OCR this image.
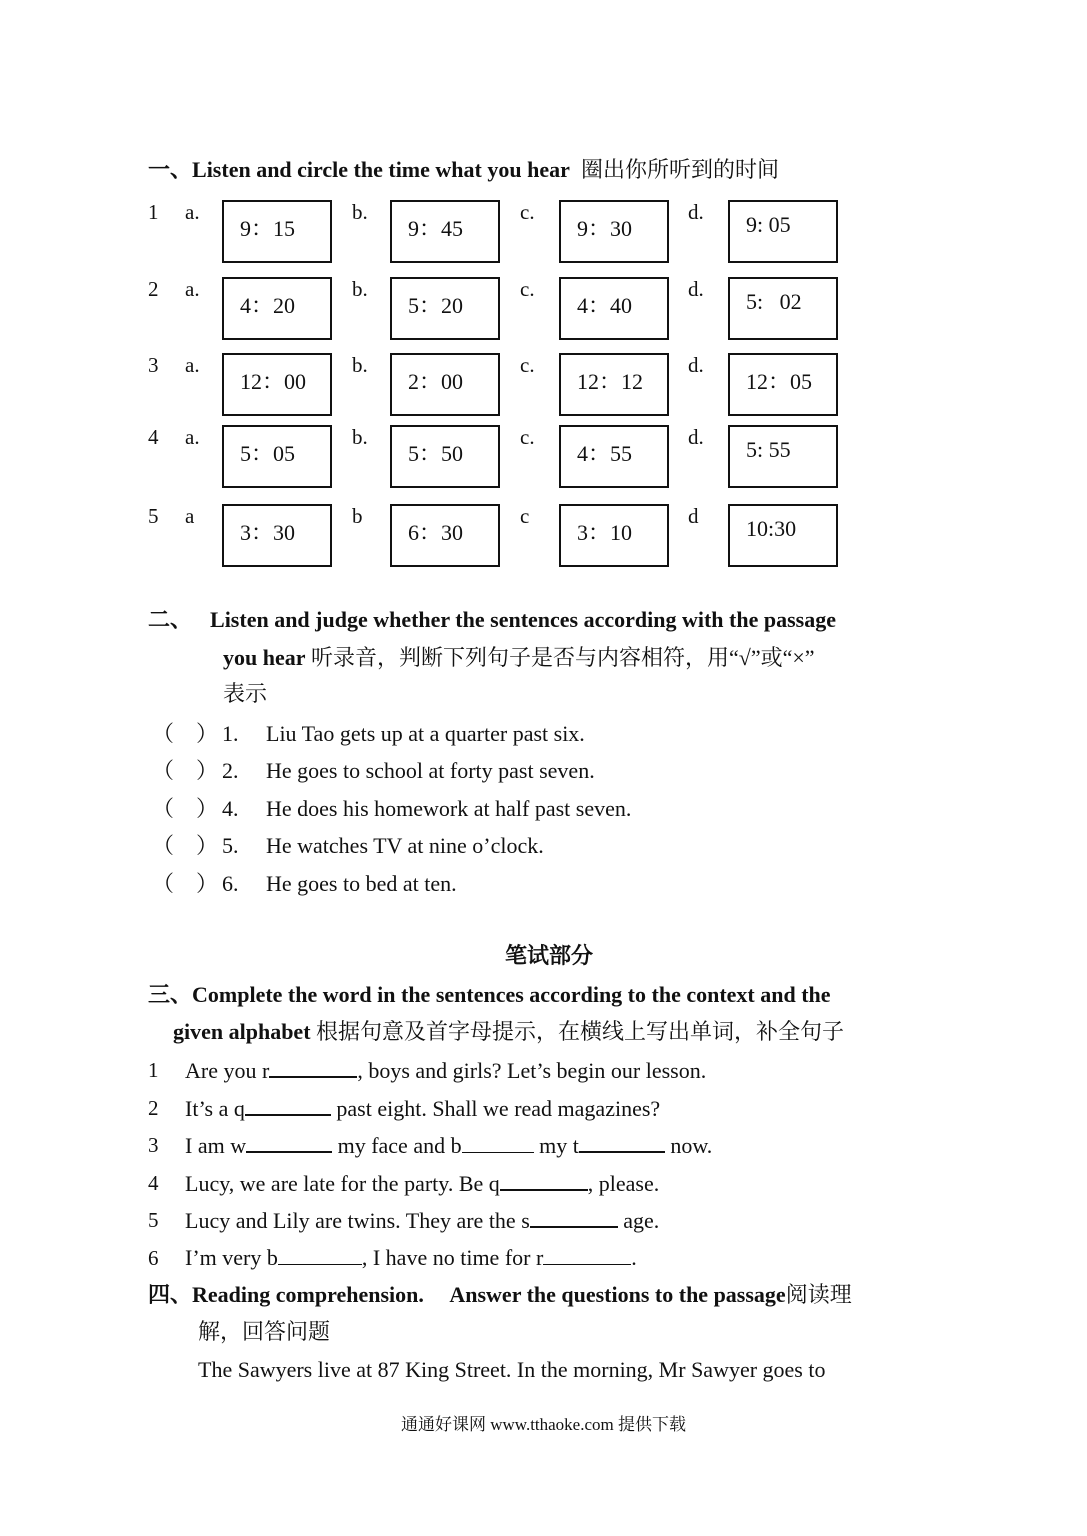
一、Listen and circle the time what you hear 圈出你所听到的时间
1 a.
9：15
b.
9：45
c.
9：30
d.	9: 05
2 a.
4：20
b.
5：20
c.
4：40
d.	5:   02
3 a.
12：00
b.
2：00
c.
12：12
d.
12：05
4 a.
5：05
b.
5：50
c.
4：55
d.	5: 55
5 a
3：30
b
6：30
c
3：10
d	10:30
二、 Listen and judge whether the sentences according with the passage
you hear 听录音，判断下列句子是否与内容相符，用“√”或“×”
表示
（    ） 1. Liu Tao gets up at a quarter past six.
（    ） 2. He goes to school at forty past seven.
（    ） 4. He does his homework at half past seven.
（    ） 5. He watches TV at nine o’clock.
（    ） 6. He goes to bed at ten.
笔试部分
三、Complete the word in the sentences according to the context and the
given alphabet 根据句意及首字母提示，在横线上写出单词，补全句子
1 Are you r	, boys and girls? Let’s begin our lesson.
2 It’s a q	past eight. Shall we read magazines?
3 I am w	my face and b	my t	now.
4 Lucy, we are late for the party. Be q	, please.
5 Lucy and Lily are twins. They are the s	age.
6 I’m very b	, I have no time for r	.
四、Reading comprehension. Answer the questions to the passage阅读理
解，回答问题
The Sawyers live at 87 King Street. In the morning, Mr Sawyer goes to
通通好课网 www.tthaoke.com 提供下载
